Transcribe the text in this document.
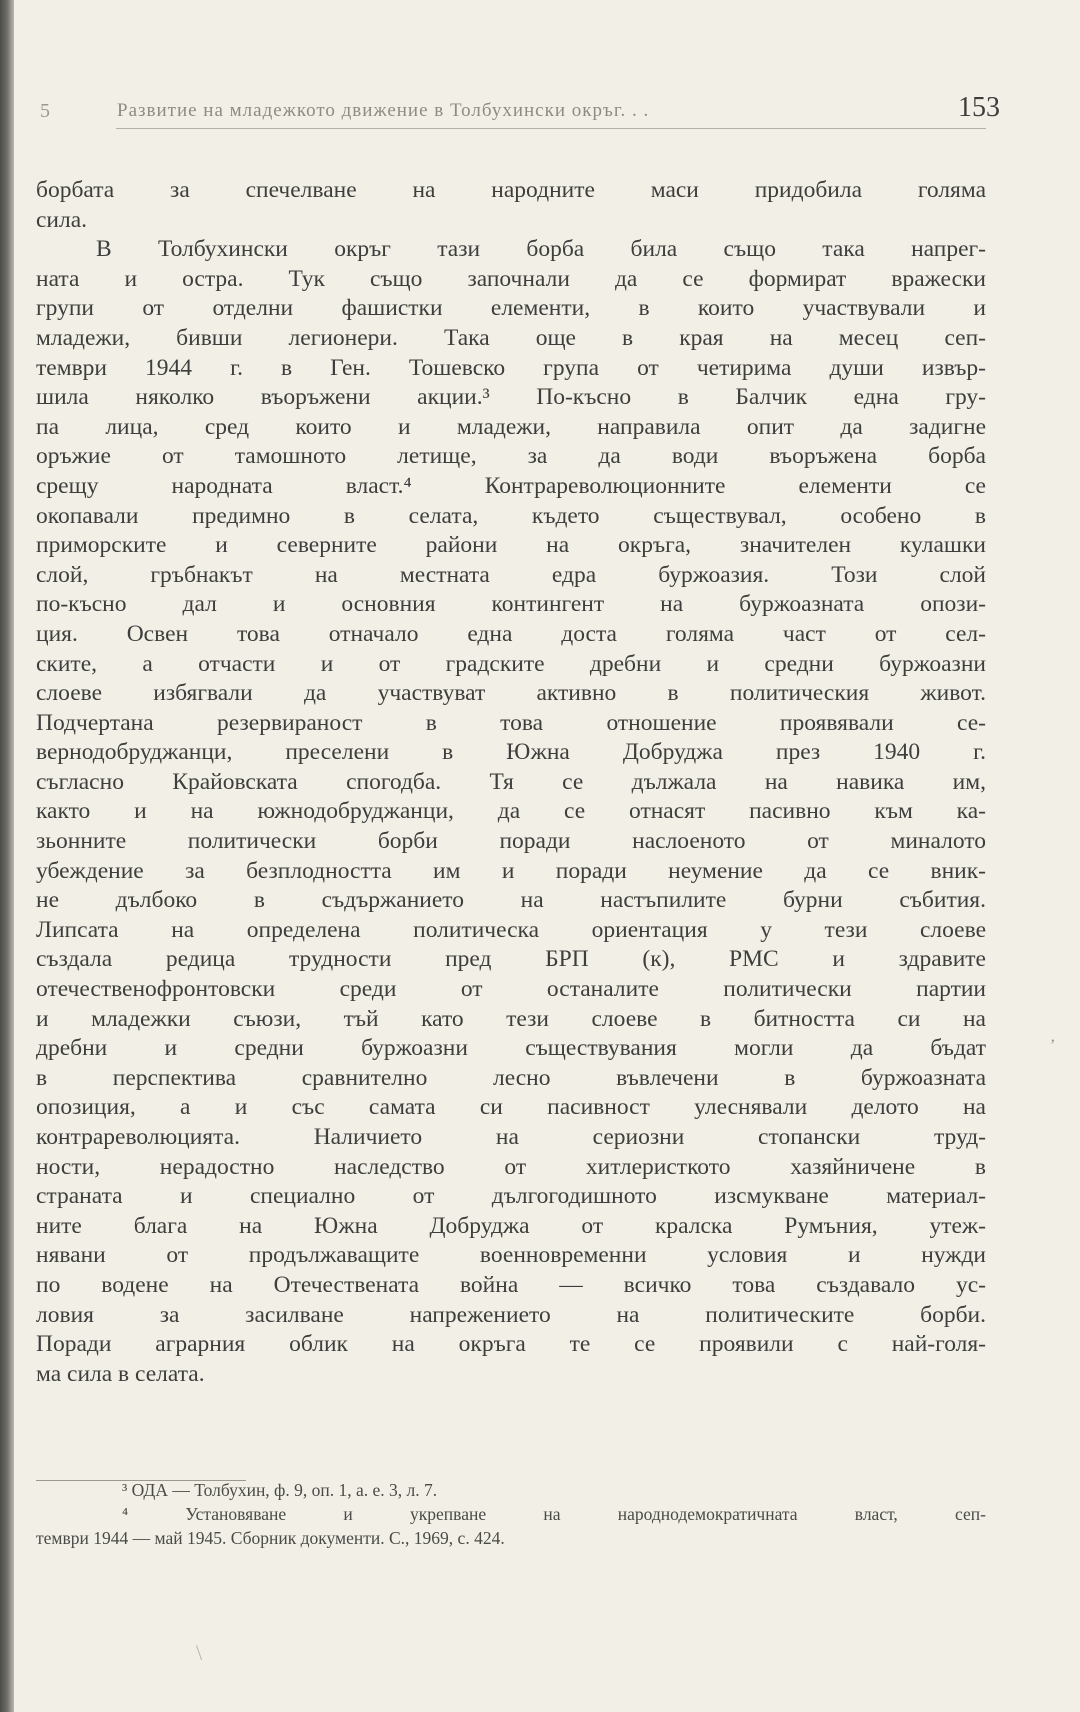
5	Развитие на младежкото движение в Толбухински окръг. . .	153
борбата за спечелване на народните маси придобила голяма
сила.
В Толбухински окръг тази борба била също така напрег-
ната и остра. Тук също започнали да се формират вражески
групи от отделни фашистки елементи, в които участвували и
младежи, бивши легионери. Така още в края на месец сеп-
тември 1944 г. в Ген. Тошевско група от четирима души извър-
шила няколко въоръжени акции.³ По-късно в Балчик една гру-
па лица, сред които и младежи, направила опит да задигне
оръжие от тамошното летище, за да води въоръжена борба
срещу народната власт.⁴ Контрареволюционните елементи се
окопавали предимно в селата, където съществувал, особено в
приморските и северните райони на окръга, значителен кулашки
слой, гръбнакът на местната едра буржоазия. Този слой
по-късно дал и основния контингент на буржоазната опози-
ция. Освен това отначало една доста голяма част от сел-
ските, а отчасти и от градските дребни и средни буржоазни
слоеве избягвали да участвуват активно в политическия живот.
Подчертана резервираност в това отношение проявявали се-
вернодобруджанци, преселени в Южна Добруджа през 1940 г.
съгласно Крайовската спогодба. Тя се дължала на навика им,
както и на южнодобруджанци, да се отнасят пасивно към ка-
зьонните политически борби поради наслоеното от миналото
убеждение за безплодността им и поради неумение да се вник-
не дълбоко в съдържанието на настъпилите бурни събития.
Липсата на определена политическа ориентация у тези слоеве
създала редица трудности пред БРП (к), РМС и здравите
отечественофронтовски среди от останалите политически партии
и младежки съюзи, тъй като тези слоеве в битността си на
дребни и средни буржоазни съществувания могли да бъдат
в перспектива сравнително лесно въвлечени в буржоазната
опозиция, а и със самата си пасивност улеснявали делото на
контрареволюцията. Наличието на сериозни стопански труд-
ности, нерадостно наследство от хитлеристкото хазяйничене в
страната и специално от дългогодишното изсмукване материал-
ните блага на Южна Добруджа от кралска Румъния, утеж-
нявани от продължаващите военновременни условия и нужди
по водене на Отечествената война — всичко това създавало ус-
ловия за засилване напрежението на политическите борби.
Поради аграрния облик на окръга те се проявили с най-голя-
ма сила в селата.
³ ОДА — Толбухин, ф. 9, оп. 1, а. е. 3, л. 7.
⁴ Установяване и укрепване на народнодемократичната власт, сеп-
тември 1944 — май 1945. Сборник документи. С., 1969, с. 424.
‚
\
